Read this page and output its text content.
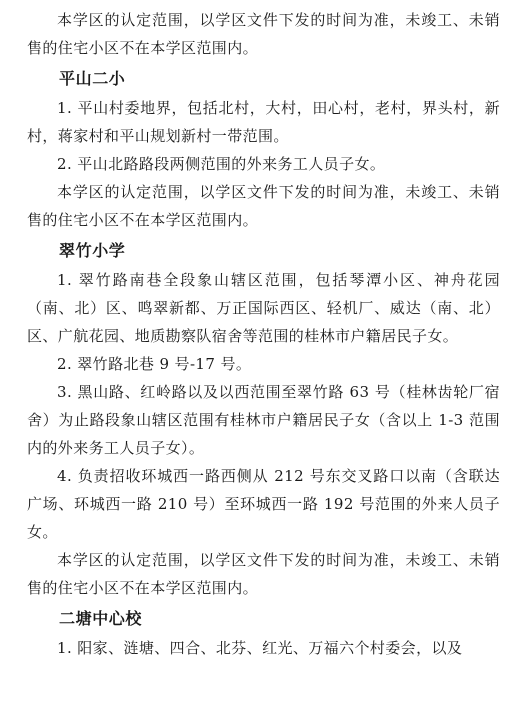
本学区的认定范围，以学区文件下发的时间为准，未竣工、未销售的住宅小区不在本学区范围内。

平山二小

1. 平山村委地界，包括北村，大村，田心村，老村，界头村，新村，蒋家村和平山规划新村一带范围。

2. 平山北路路段两侧范围的外来务工人员子女。

本学区的认定范围，以学区文件下发的时间为准，未竣工、未销售的住宅小区不在本学区范围内。

翠竹小学

1. 翠竹路南巷全段象山辖区范围，包括琴潭小区、神舟花园（南、北）区、鸣翠新都、万正国际西区、轻机厂、威达（南、北）区、广航花园、地质勘察队宿舍等范围的桂林市户籍居民子女。

2. 翠竹路北巷 9 号-17 号。

3. 黑山路、红岭路以及以西范围至翠竹路 63 号（桂林齿轮厂宿舍）为止路段象山辖区范围有桂林市户籍居民子女（含以上 1-3 范围内的外来务工人员子女）。

4. 负责招收环城西一路西侧从 212 号东交叉路口以南（含联达广场、环城西一路 210 号）至环城西一路 192 号范围的外来人员子女。

本学区的认定范围，以学区文件下发的时间为准，未竣工、未销售的住宅小区不在本学区范围内。

二塘中心校

1. 阳家、涟塘、四合、北芬、红光、万福六个村委会，以及
